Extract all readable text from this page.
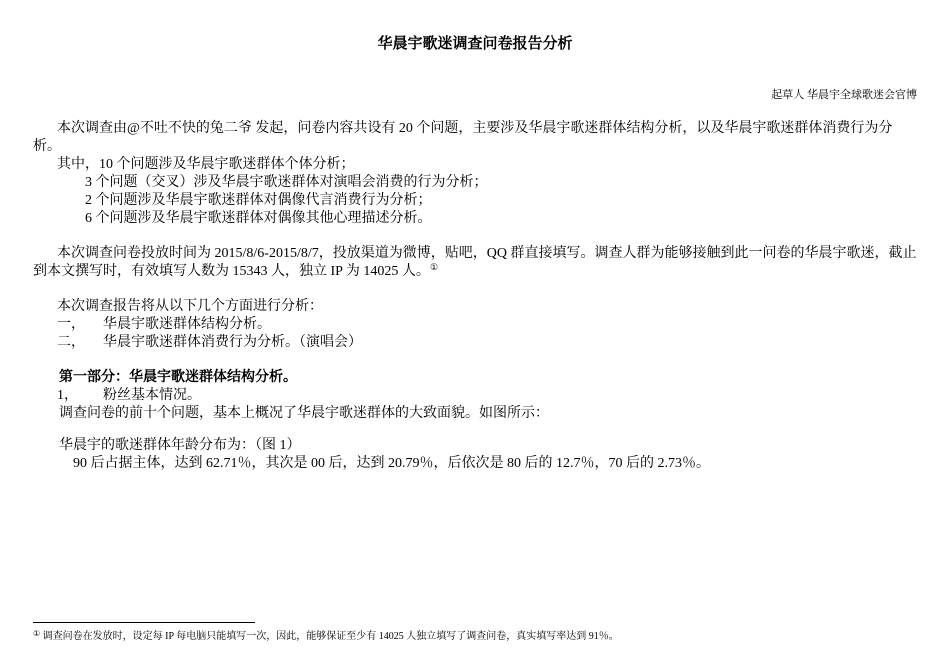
华晨宇歌迷调查问卷报告分析
起草人 华晨宇全球歌迷会官博

本次调查由@不吐不快的兔二爷 发起，问卷内容共设有 20 个问题，主要涉及华晨宇歌迷群体结构分析，以及华晨宇歌迷群体消费行为分析。

其中，10 个问题涉及华晨宇歌迷群体个体分析；

3 个问题（交叉）涉及华晨宇歌迷群体对演唱会消费的行为分析；

2 个问题涉及华晨宇歌迷群体对偶像代言消费行为分析；

6 个问题涉及华晨宇歌迷群体对偶像其他心理描述分析。

本次调查问卷投放时间为 2015/8/6-2015/8/7，投放渠道为微博，贴吧，QQ 群直接填写。调查人群为能够接触到此一问卷的华晨宇歌迷，截止到本文撰写时，有效填写人数为 15343 人，独立 IP 为 14025 人。①

本次调查报告将从以下几个方面进行分析：

一， 华晨宇歌迷群体结构分析。

二， 华晨宇歌迷群体消费行为分析。（演唱会）

第一部分：华晨宇歌迷群体结构分析。

1， 粉丝基本情况。

调查问卷的前十个问题，基本上概况了华晨宇歌迷群体的大致面貌。如图所示：

华晨宇的歌迷群体年龄分布为：（图 1）

90 后占据主体，达到 62.71％，其次是 00 后，达到 20.79％，后依次是 80 后的 12.7％，70 后的 2.73％。

① 调查问卷在发放时，设定每 IP 每电脑只能填写一次，因此，能够保证至少有 14025 人独立填写了调查问卷，真实填写率达到 91％。
